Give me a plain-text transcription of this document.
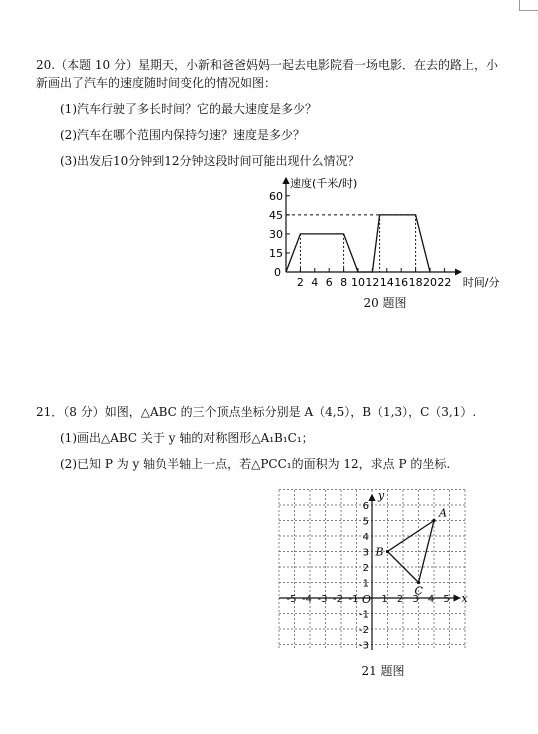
20.（本题 10 分）星期天，小新和爸爸妈妈一起去电影院看一场电影．在去的路上，小新画出了汽车的速度随时间变化的情况如图：

(1)汽车行驶了多长时间？它的最大速度是多少？

(2)汽车在哪个范围内保持匀速？速度是多少？

(3)出发后10分钟到12分钟这段时间可能出现什么情况？

速度(千米/时)
时间/分
0
15
30
45
60
2 4 6 8 10 12 14 16 18 20 22
20 题图

21．（8 分）如图，△ABC 的三个顶点坐标分别是 A（4,5），B（1,3），C（3,1）.

(1)画出△ABC 关于 y 轴的对称图形△A₁B₁C₁；

(2)已知 P 为 y 轴负半轴上一点，若△PCC₁的面积为 12，求点 P 的坐标.

x
y
O
-5 -4 -3 -2 -1 1 2 3 4 5
-3
-2
-1
1
2
3
4
5
6	A
B
C
21 题图
